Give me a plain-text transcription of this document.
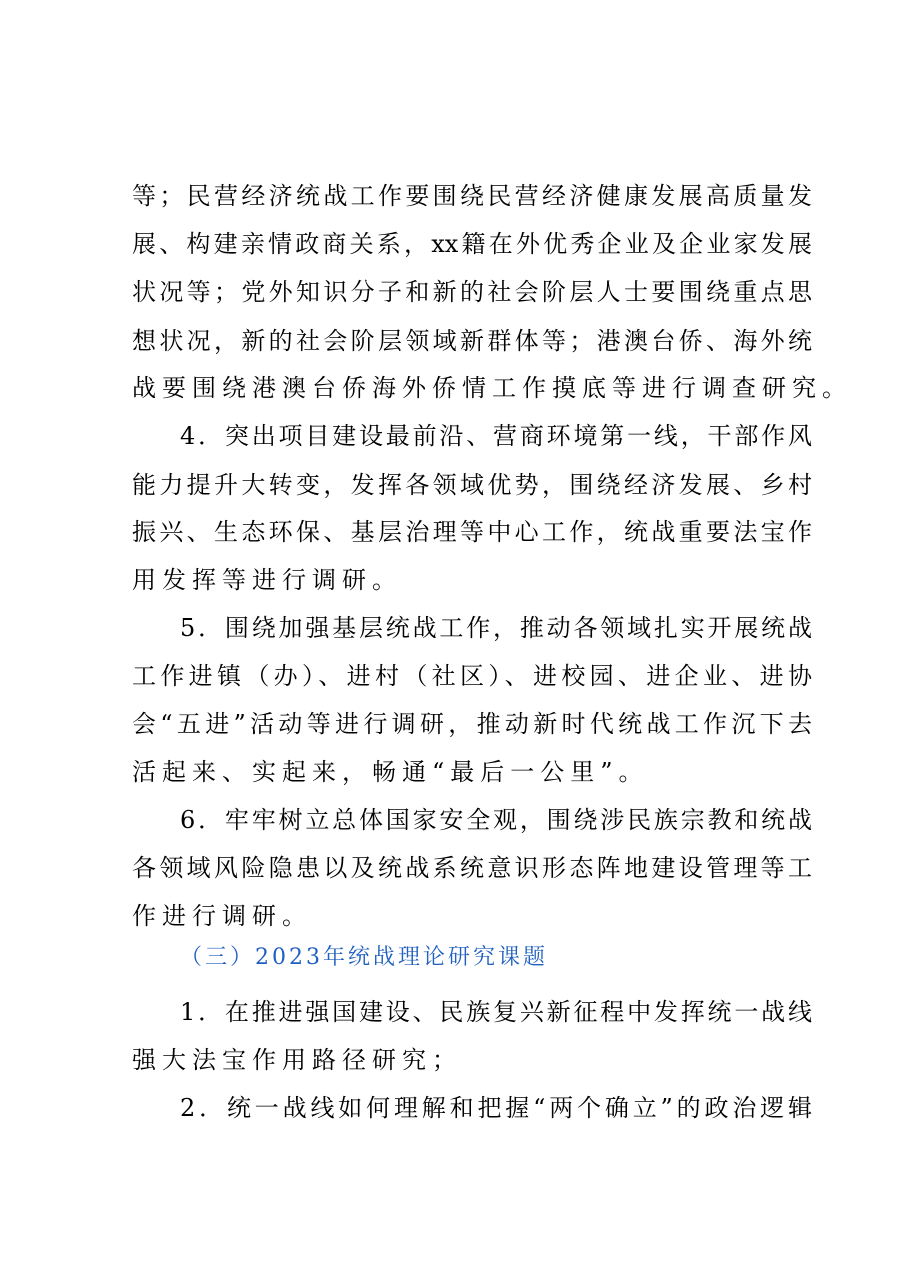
等；民营经济统战工作要围绕民营经济健康发展高质量发
展、构建亲情政商关系，xx籍在外优秀企业及企业家发展
状况等；党外知识分子和新的社会阶层人士要围绕重点思
想状况，新的社会阶层领域新群体等；港澳台侨、海外统
战要围绕港澳台侨海外侨情工作摸底等进行调查研究。
4．突出项目建设最前沿、营商环境第一线，干部作风
能力提升大转变，发挥各领域优势，围绕经济发展、乡村
振兴、生态环保、基层治理等中心工作，统战重要法宝作
用发挥等进行调研。
5．围绕加强基层统战工作，推动各领域扎实开展统战
工作进镇（办）、进村（社区）、进校园、进企业、进协
会“五进”活动等进行调研，推动新时代统战工作沉下去
活起来、实起来，畅通“最后一公里”。
6．牢牢树立总体国家安全观，围绕涉民族宗教和统战
各领域风险隐患以及统战系统意识形态阵地建设管理等工
作进行调研。
（三）2023年统战理论研究课题
1．在推进强国建设、民族复兴新征程中发挥统一战线
强大法宝作用路径研究；
2．统一战线如何理解和把握“两个确立”的政治逻辑
